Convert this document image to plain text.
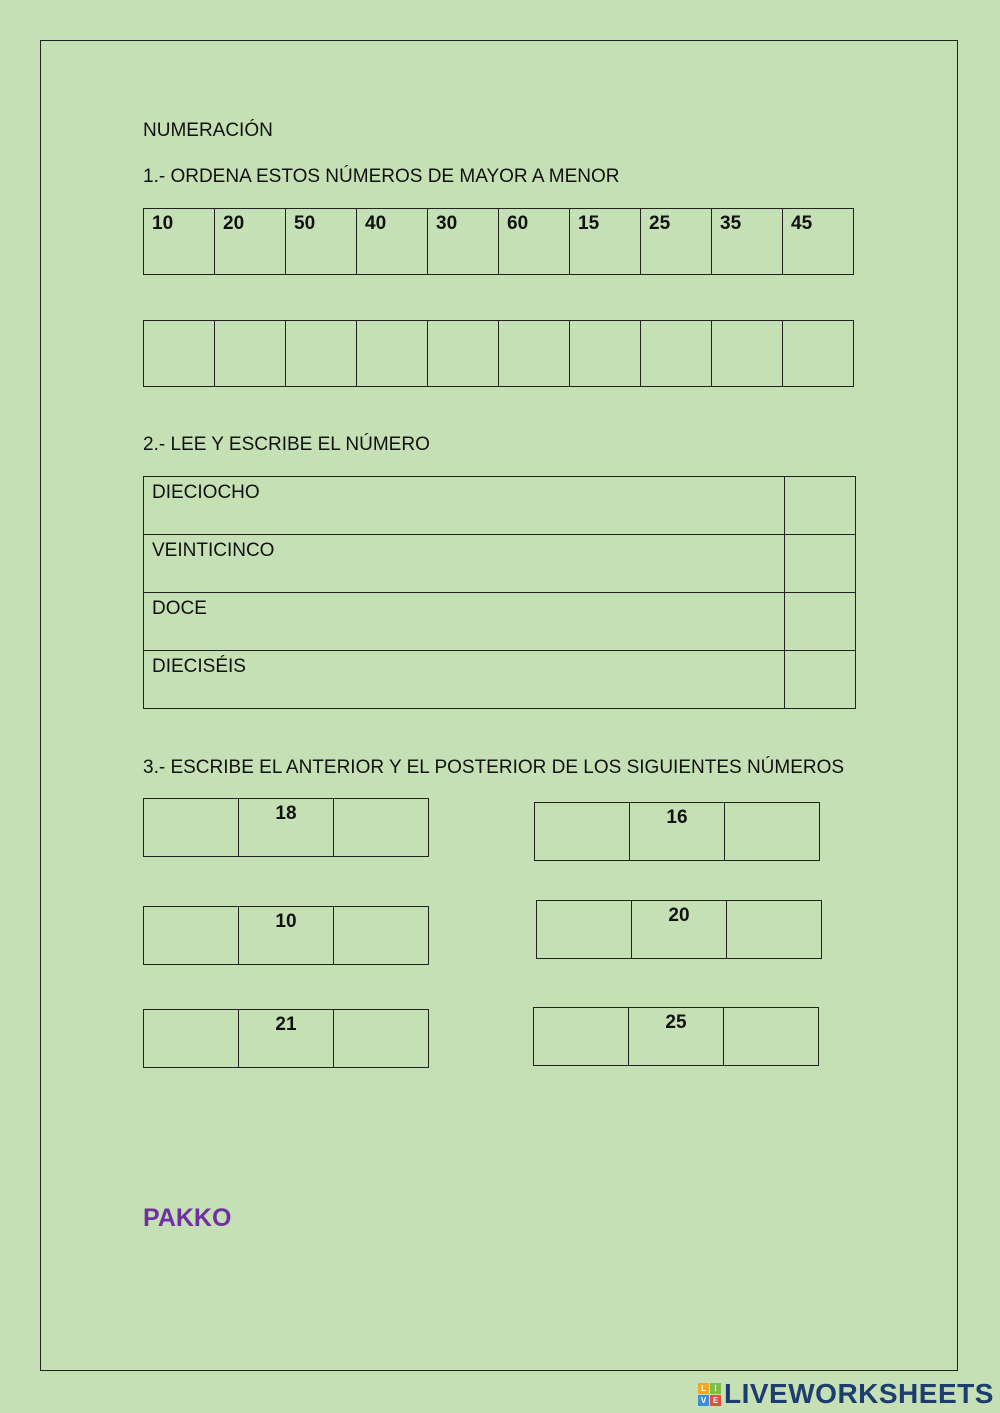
NUMERACIÓN
1.- ORDENA ESTOS NÚMEROS DE MAYOR A MENOR
10	20	50	40	30	60	15	25	35	45

2.- LEE Y ESCRIBE EL NÚMERO
DIECIOCHO	
VEINTICINCO	
DOCE	
DIECISÉIS	
3.- ESCRIBE EL ANTERIOR Y EL POSTERIOR DE LOS SIGUIENTES NÚMEROS

18

		16

10

		20

21

		25

PAKKO
L	I
V E LIVEWORKSHEETS
